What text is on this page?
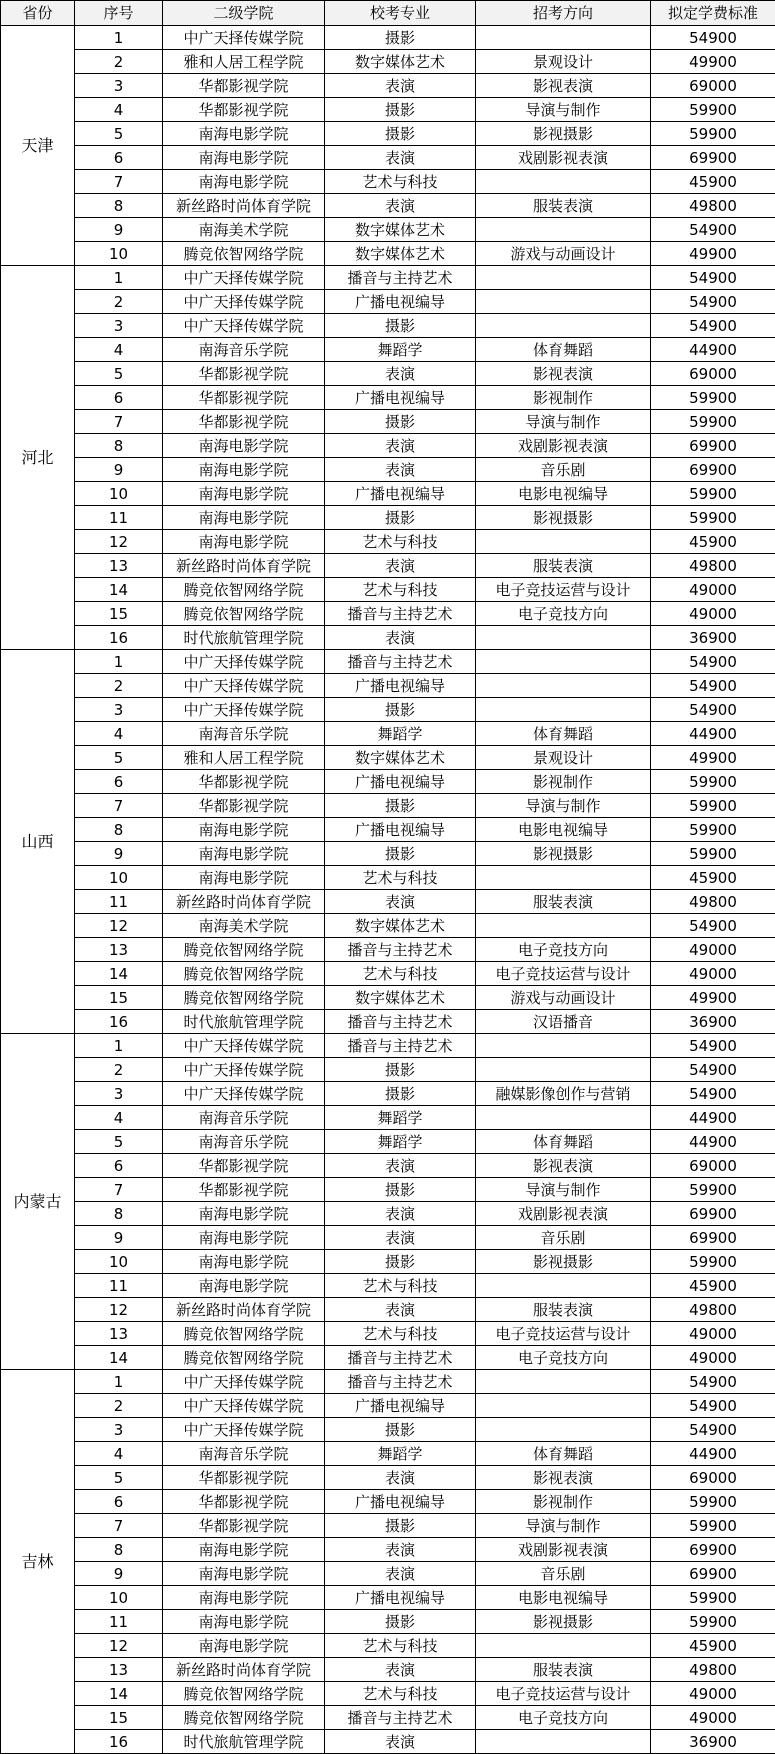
省份	序号	二级学院	校考专业	招考方向	拟定学费标准
天津	1	中广天择传媒学院	摄影		54900
	2	雅和人居工程学院	数字媒体艺术	景观设计	49900
	3	华都影视学院	表演	影视表演	69000
	4	华都影视学院	摄影	导演与制作	59900
	5	南海电影学院	摄影	影视摄影	59900
	6	南海电影学院	表演	戏剧影视表演	69900
	7	南海电影学院	艺术与科技		45900
	8	新丝路时尚体育学院	表演	服装表演	49800
	9	南海美术学院	数字媒体艺术		54900
	10	腾竞依智网络学院	数字媒体艺术	游戏与动画设计	49900
河北	1	中广天择传媒学院	播音与主持艺术		54900
	2	中广天择传媒学院	广播电视编导		54900
	3	中广天择传媒学院	摄影		54900
	4	南海音乐学院	舞蹈学	体育舞蹈	44900
	5	华都影视学院	表演	影视表演	69000
	6	华都影视学院	广播电视编导	影视制作	59900
	7	华都影视学院	摄影	导演与制作	59900
	8	南海电影学院	表演	戏剧影视表演	69900
	9	南海电影学院	表演	音乐剧	69900
	10	南海电影学院	广播电视编导	电影电视编导	59900
	11	南海电影学院	摄影	影视摄影	59900
	12	南海电影学院	艺术与科技		45900
	13	新丝路时尚体育学院	表演	服装表演	49800
	14	腾竞依智网络学院	艺术与科技	电子竞技运营与设计	49000
	15	腾竞依智网络学院	播音与主持艺术	电子竞技方向	49000
	16	时代旅航管理学院	表演		36900
山西	1	中广天择传媒学院	播音与主持艺术		54900
	2	中广天择传媒学院	广播电视编导		54900
	3	中广天择传媒学院	摄影		54900
	4	南海音乐学院	舞蹈学	体育舞蹈	44900
	5	雅和人居工程学院	数字媒体艺术	景观设计	49900
	6	华都影视学院	广播电视编导	影视制作	59900
	7	华都影视学院	摄影	导演与制作	59900
	8	南海电影学院	广播电视编导	电影电视编导	59900
	9	南海电影学院	摄影	影视摄影	59900
	10	南海电影学院	艺术与科技		45900
	11	新丝路时尚体育学院	表演	服装表演	49800
	12	南海美术学院	数字媒体艺术		54900
	13	腾竞依智网络学院	播音与主持艺术	电子竞技方向	49000
	14	腾竞依智网络学院	艺术与科技	电子竞技运营与设计	49000
	15	腾竞依智网络学院	数字媒体艺术	游戏与动画设计	49900
	16	时代旅航管理学院	播音与主持艺术	汉语播音	36900
内蒙古	1	中广天择传媒学院	播音与主持艺术		54900
	2	中广天择传媒学院	摄影		54900
	3	中广天择传媒学院	摄影	融媒影像创作与营销	54900
	4	南海音乐学院	舞蹈学		44900
	5	南海音乐学院	舞蹈学	体育舞蹈	44900
	6	华都影视学院	表演	影视表演	69000
	7	华都影视学院	摄影	导演与制作	59900
	8	南海电影学院	表演	戏剧影视表演	69900
	9	南海电影学院	表演	音乐剧	69900
	10	南海电影学院	摄影	影视摄影	59900
	11	南海电影学院	艺术与科技		45900
	12	新丝路时尚体育学院	表演	服装表演	49800
	13	腾竞依智网络学院	艺术与科技	电子竞技运营与设计	49000
	14	腾竞依智网络学院	播音与主持艺术	电子竞技方向	49000
吉林	1	中广天择传媒学院	播音与主持艺术		54900
	2	中广天择传媒学院	广播电视编导		54900
	3	中广天择传媒学院	摄影		54900
	4	南海音乐学院	舞蹈学	体育舞蹈	44900
	5	华都影视学院	表演	影视表演	69000
	6	华都影视学院	广播电视编导	影视制作	59900
	7	华都影视学院	摄影	导演与制作	59900
	8	南海电影学院	表演	戏剧影视表演	69900
	9	南海电影学院	表演	音乐剧	69900
	10	南海电影学院	广播电视编导	电影电视编导	59900
	11	南海电影学院	摄影	影视摄影	59900
	12	南海电影学院	艺术与科技		45900
	13	新丝路时尚体育学院	表演	服装表演	49800
	14	腾竞依智网络学院	艺术与科技	电子竞技运营与设计	49000
	15	腾竞依智网络学院	播音与主持艺术	电子竞技方向	49000
	16	时代旅航管理学院	表演		36900
